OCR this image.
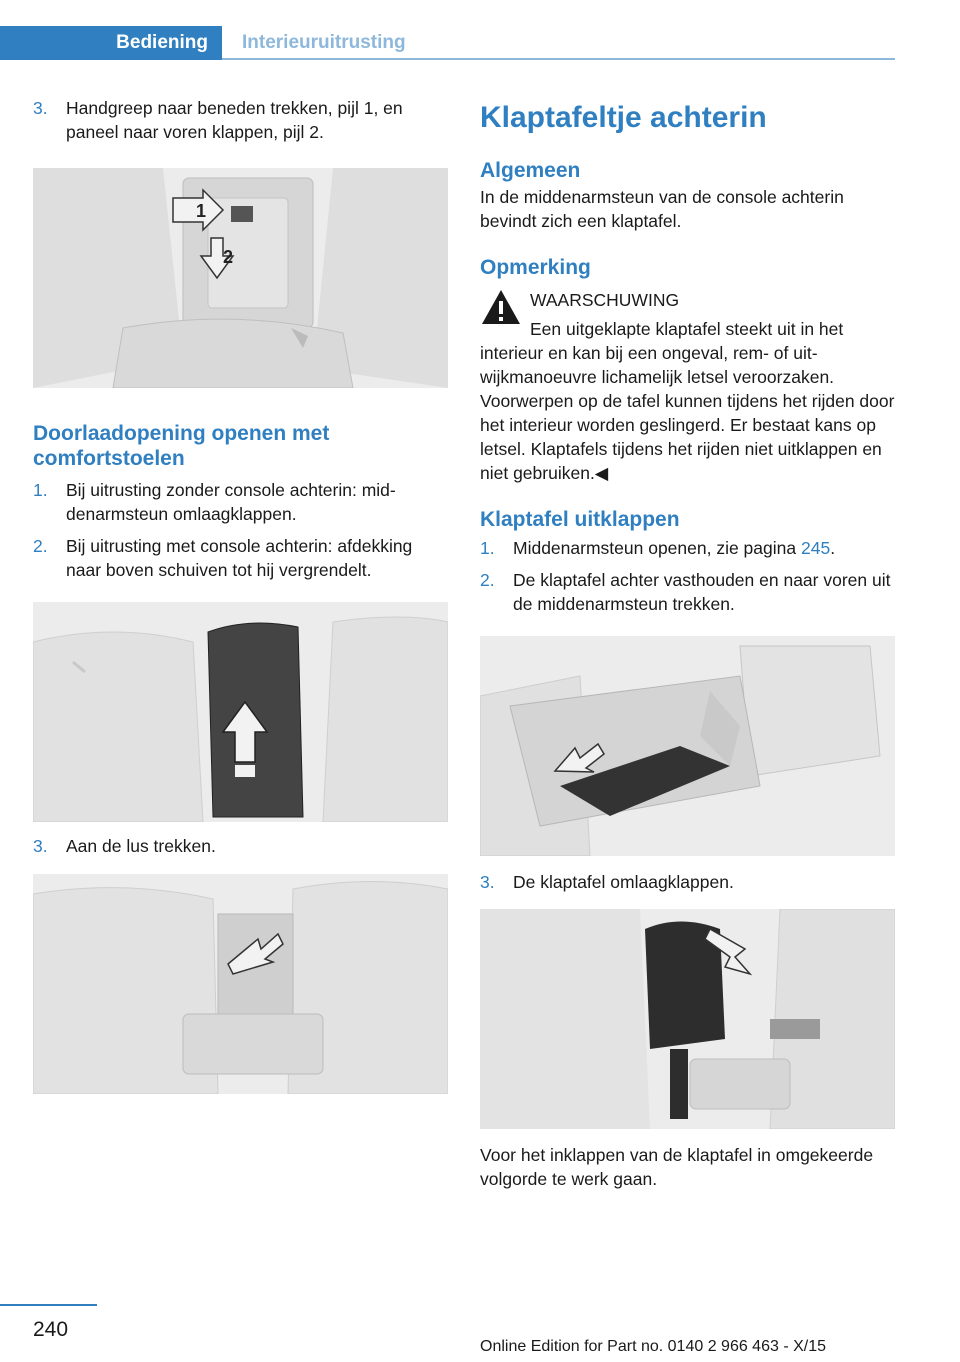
Bediening	Interieuruitrusting
3.	Handgreep naar beneden trekken, pijl 1, en paneel naar voren klappen, pijl 2.
1
2
Doorlaadopening openen met comfortstoelen
1.	Bij uitrusting zonder console achterin: middenarmsteun omlaagklappen.
2.	Bij uitrusting met console achterin: afdekking naar boven schuiven tot hij vergrendelt.
3.	Aan de lus trekken.
Klaptafeltje achterin
Algemeen

In de middenarmsteun van de console achterin bevindt zich een klaptafel.

Opmerking

WAARSCHUWING

Een uitgeklapte klaptafel steekt uit in het

interieur en kan bij een ongeval, rem- of uitwijkmanoeuvre lichamelijk letsel veroorzaken. Voorwerpen op de tafel kunnen tijdens het rijden door het interieur worden geslingerd. Er bestaat kans op letsel. Klaptafels tijdens het rijden niet uitklappen en niet gebruiken.◀

Klaptafel uitklappen
1.	Middenarmsteun openen, zie pagina 245.
2.	De klaptafel achter vasthouden en naar voren uit de middenarmsteun trekken.
3.	De klaptafel omlaagklappen.

Voor het inklappen van de klaptafel in omgekeerde volgorde te werk gaan.

240
Online Edition for Part no. 0140 2 966 463 - X/15
